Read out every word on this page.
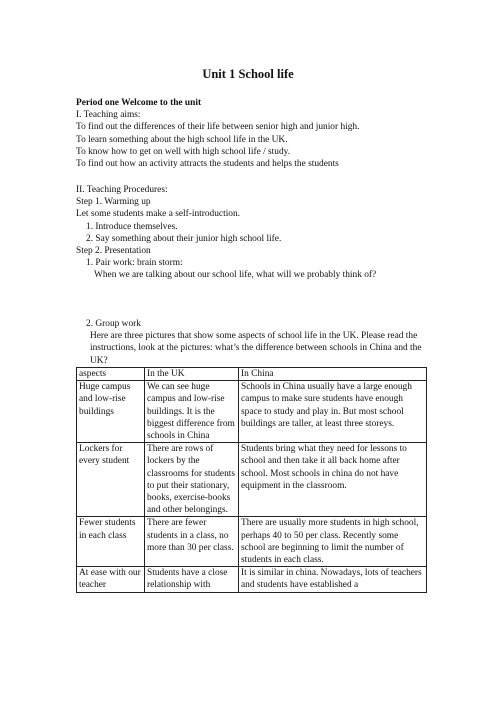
Unit 1 School life
Period one Welcome to the unit
I. Teaching aims:
To find out the differences of their life between senior high and junior high.
To learn something about the high school life in the UK.
To know how to get on well with high school life / study.
To find out how an activity attracts the students and helps the students
II. Teaching Procedures:
Step 1. Warming up
Let some students make a self-introduction.
1. Introduce themselves.
2. Say something about their junior high school life.
Step 2. Presentation
1. Pair work: brain storm:
When we are talking about our school life, what will we probably think of?
2. Group work
Here are three pictures that show some aspects of school life in the UK. Please read the instructions, look at the pictures: what’s the difference between schools in China and the UK?
aspects	In the UK	In China
Huge campus and low-rise buildings	We can see huge campus and low-rise buildings. It is the biggest difference from schools in China	Schools in China usually have a large enough campus to make sure students have enough space to study and play in. But most school buildings are taller, at least three storeys.
Lockers for every student	There are rows of lockers by the classrooms for students to put their stationary, books, exercise-books and other belongings.	Students bring what they need for lessons to school and then take it all back home after school. Most schools in china do not have equipment in the classroom.
Fewer students in each class	There are fewer students in a class, no more than 30 per class.	There are usually more students in high school, perhaps 40 to 50 per class. Recently some school are beginning to limit the number of students in each class.
At ease with our teacher	Students have a close relationship with	It is similar in china. Nowadays, lots of teachers and students have established a
